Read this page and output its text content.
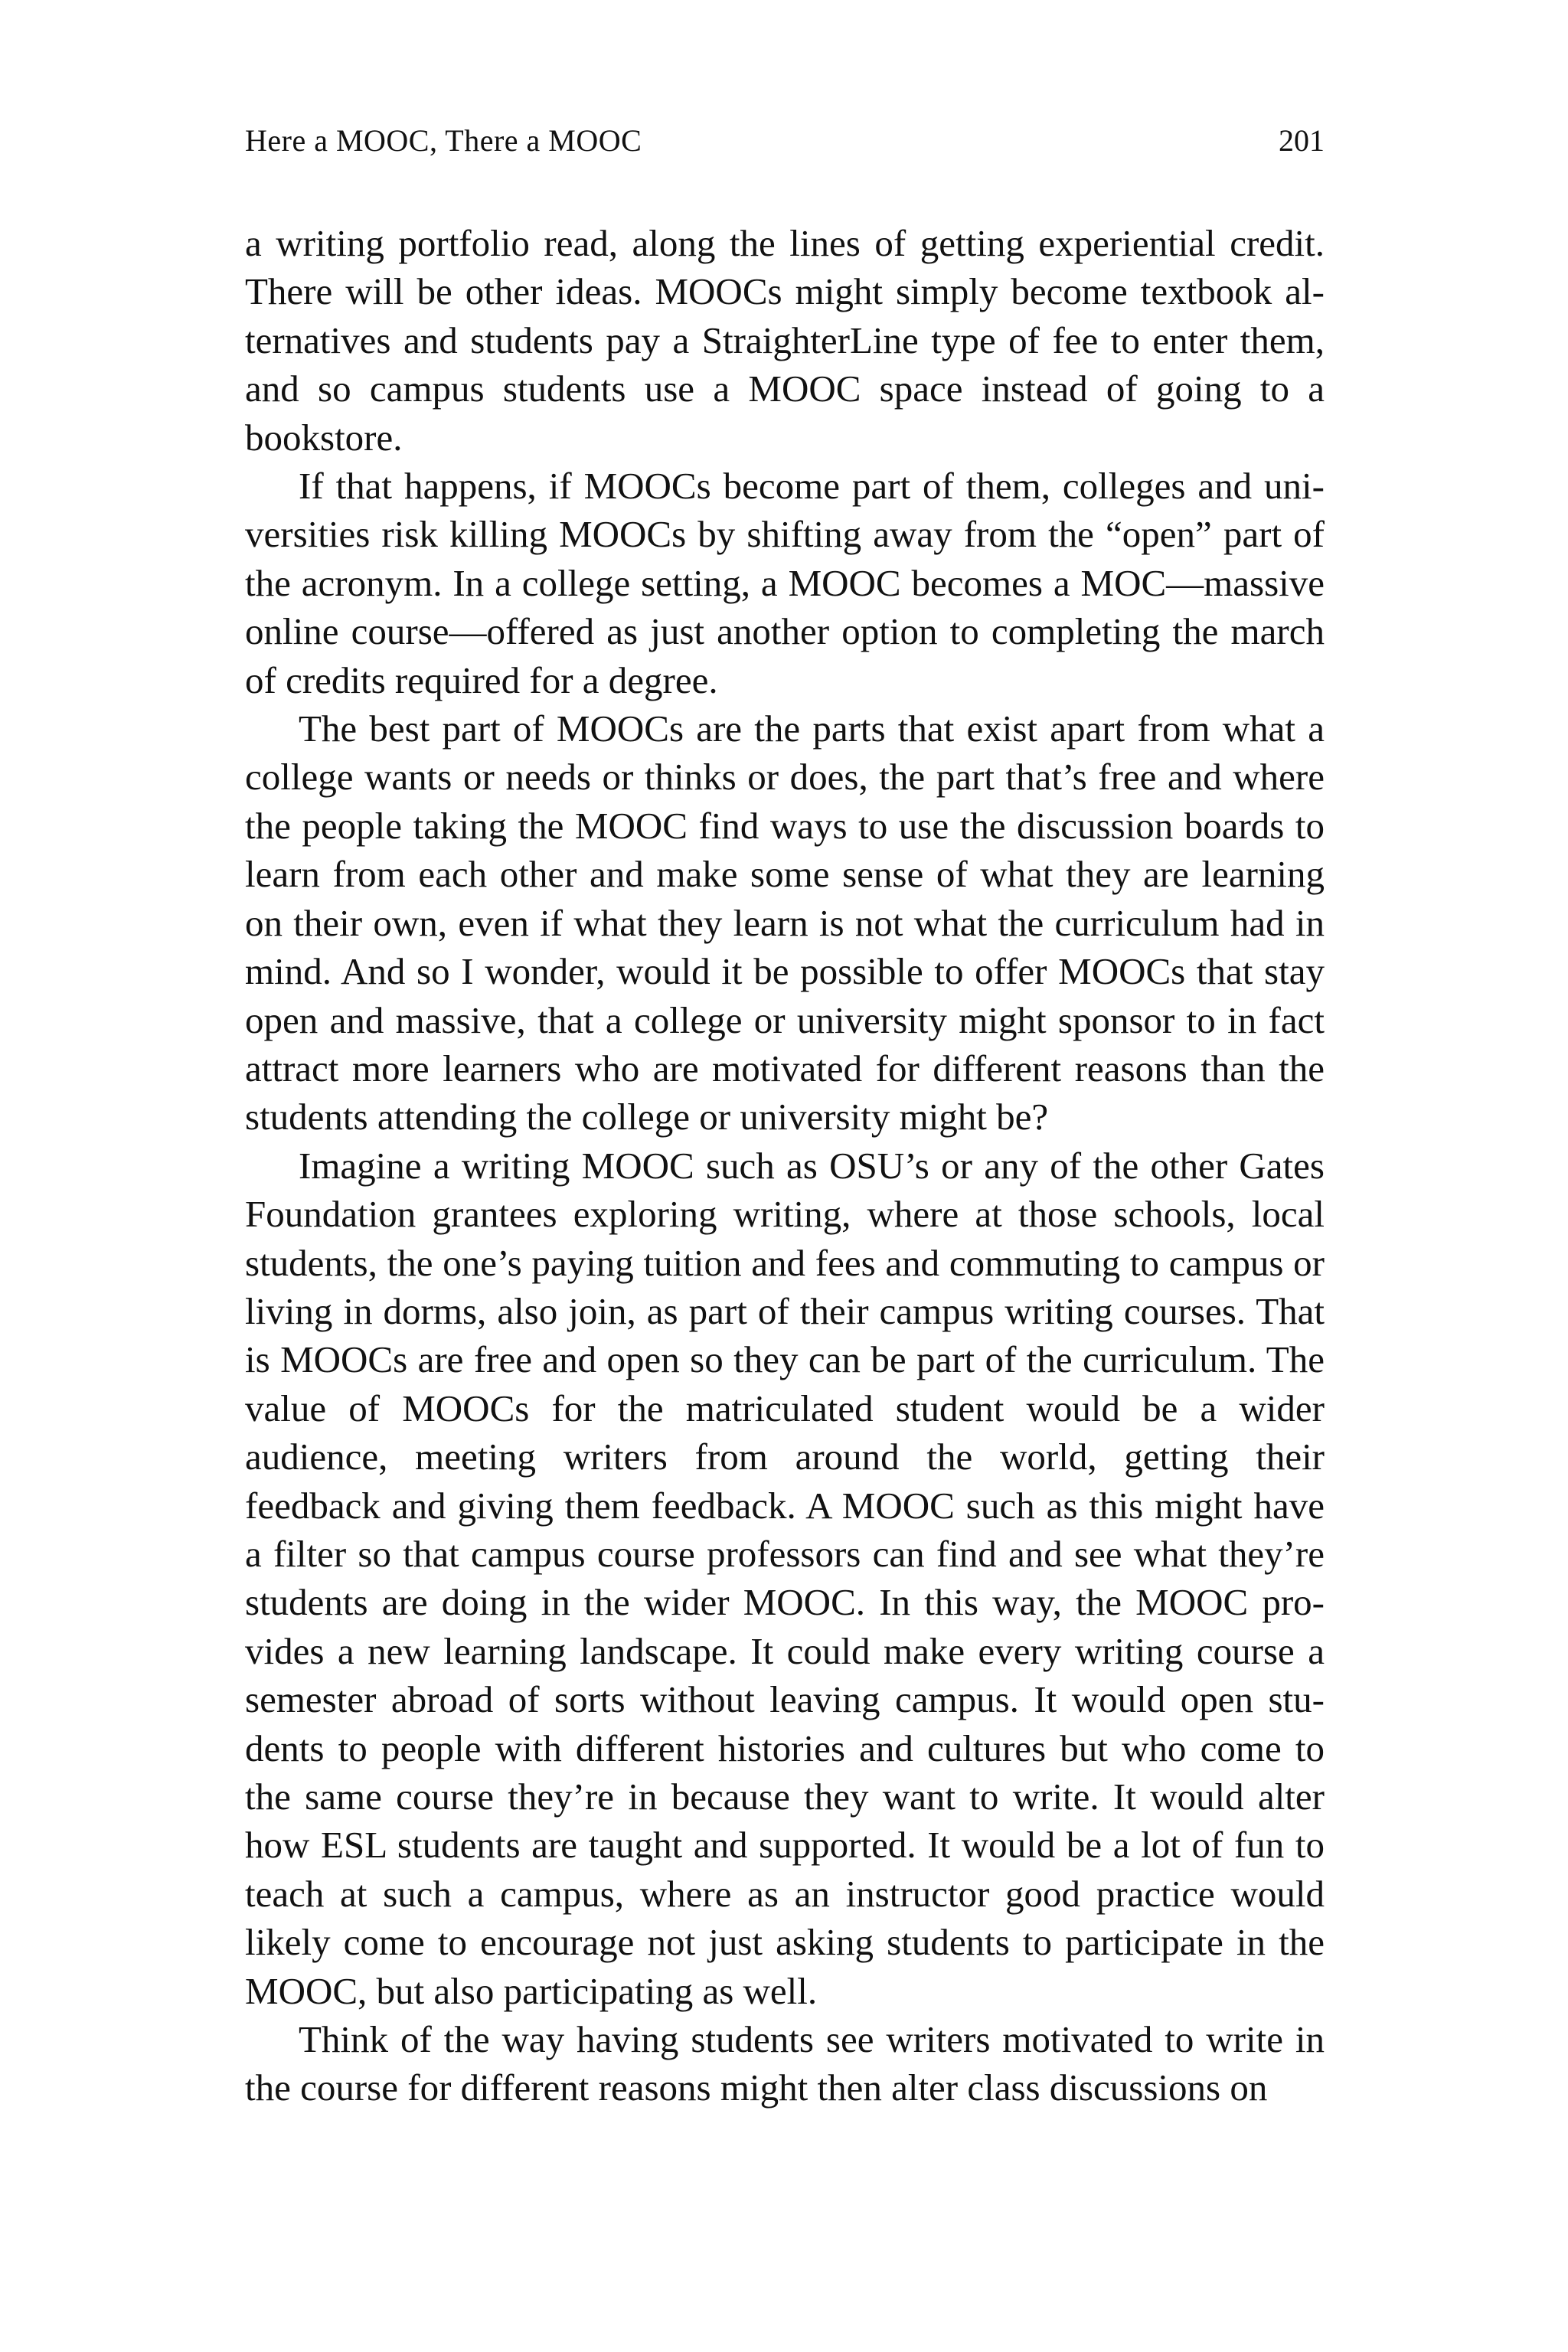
Here a MOOC, There a MOOC	201

a writing portfolio read, along the lines of getting experiential credit. There will be other ideas. MOOCs might simply become textbook alternatives and students pay a StraighterLine type of fee to enter them, and so campus students use a MOOC space instead of going to a bookstore.

If that happens, if MOOCs become part of them, colleges and universities risk killing MOOCs by shifting away from the “open” part of the acronym. In a college setting, a MOOC becomes a MOC—massive online course—offered as just another option to completing the march of credits required for a degree.

The best part of MOOCs are the parts that exist apart from what a college wants or needs or thinks or does, the part that’s free and where the people taking the MOOC find ways to use the discussion boards to learn from each other and make some sense of what they are learning on their own, even if what they learn is not what the curriculum had in mind. And so I wonder, would it be possible to offer MOOCs that stay open and massive, that a college or university might sponsor to in fact attract more learners who are motivated for different reasons than the students attending the college or university might be?

Imagine a writing MOOC such as OSU’s or any of the other Gates Foundation grantees exploring writing, where at those schools, local students, the one’s paying tuition and fees and commuting to campus or living in dorms, also join, as part of their campus writing courses. That is MOOCs are free and open so they can be part of the curriculum. The value of MOOCs for the matriculated student would be a wider audience, meeting writers from around the world, getting their feedback and giving them feedback. A MOOC such as this might have a filter so that campus course professors can find and see what they’re students are doing in the wider MOOC. In this way, the MOOC provides a new learning landscape. It could make every writing course a semester abroad of sorts without leaving campus. It would open students to people with different histories and cultures but who come to the same course they’re in because they want to write. It would alter how ESL students are taught and supported. It would be a lot of fun to teach at such a campus, where as an instructor good practice would likely come to encourage not just asking students to participate in the MOOC, but also participating as well.

Think of the way having students see writers motivated to write in the course for different reasons might then alter class discussions on
